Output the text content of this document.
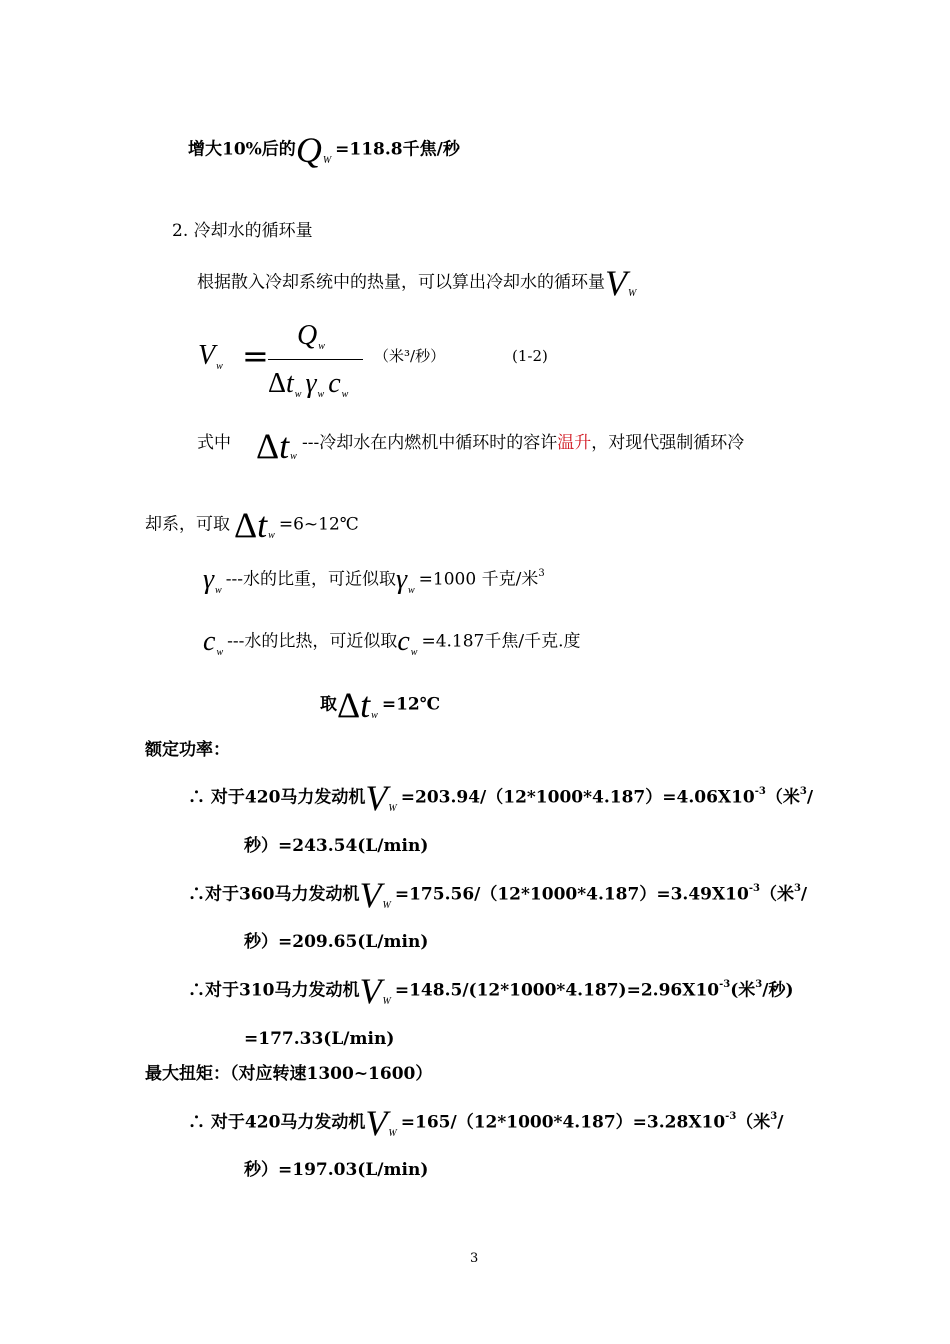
增大10%后的$Q_W=118.8$千焦/秒
2. 冷却水的循环量
根据散入冷却系统中的热量，可以算出冷却水的循环量$V_W$
$V_w$ =
$Q_w$
$\Delta t_w$ $\gamma_w$ $c_w$
（米³/秒）	(1-2)
式中 $\Delta t_w$
---冷却水在内燃机中循环时的容许温升，对现代强制循环冷
却系，可取 $\Delta t_w=6\sim 12℃$
$\gamma_w---$水的比重，可近似取$\gamma_w=1000$ 千克/米$^3$
$c_w---$水的比热，可近似取$c_w=4.187$千焦/千克.度
取$\Delta t_w=12℃$
额定功率：
∴ 对于420马力发动机$V_W=203.94/(12*1000*4.187)=4.06X10^{-3}$（米$^3$/
秒）=243.54(L/min)
∴对于360马力发动机$V_W=175.56/(12*1000*4.187)=3.49X10^{-3}$（米$^3$/
秒）=209.65(L/min)
∴对于310马力发动机$V_W=148.5/(12*1000*4.187)=2.96X10^{-3}$(米$^3$/秒)
=177.33(L/min)
最大扭矩：（对应转速1300~1600）
∴ 对于420马力发动机$V_W=165/(12*1000*4.187)=3.28X10^{-3}$（米$^3$/
秒）=197.03(L/min)
3
